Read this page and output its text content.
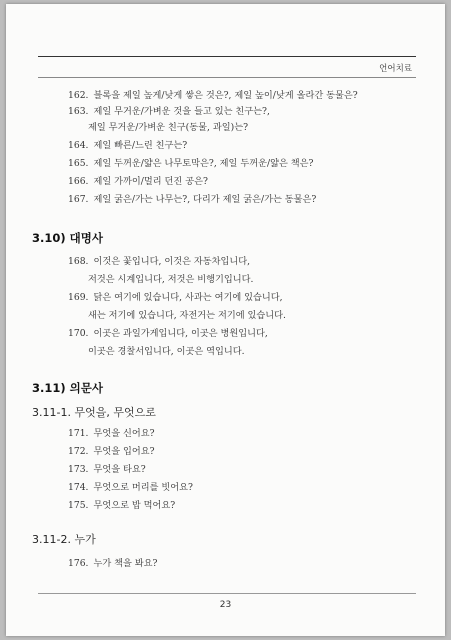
언어치료
162. 블록을 제일 높게/낮게 쌓은 것은?, 제일 높이/낮게 올라간 동물은?
163. 제일 무거운/가벼운 것을 들고 있는 친구는?,
제일 무거운/가벼운 친구(동물, 과일)는?
164. 제일 빠른/느린 친구는?
165. 제일 두꺼운/얇은 나무토막은?, 제일 두꺼운/얇은 책은?
166. 제일 가까이/멀리 던진 공은?
167. 제일 굵은/가는 나무는?, 다리가 제일 굵은/가는 동물은?
3.10) 대명사
168. 이것은 꽃입니다, 이것은 자동차입니다,
저것은 시계입니다, 저것은 비행기입니다.
169. 닭은 여기에 있습니다, 사과는 여기에 있습니다,
새는 저기에 있습니다, 자전거는 저기에 있습니다.
170. 이곳은 과일가게입니다, 이곳은 병원입니다,
이곳은 경찰서입니다, 이곳은 역입니다.
3.11) 의문사
3.11-1. 무엇을, 무엇으로
171. 무엇을 신어요?
172. 무엇을 입어요?
173. 무엇을 타요?
174. 무엇으로 머리를 빗어요?
175. 무엇으로 밥 먹어요?
3.11-2. 누가
176. 누가 책을 봐요?
23
